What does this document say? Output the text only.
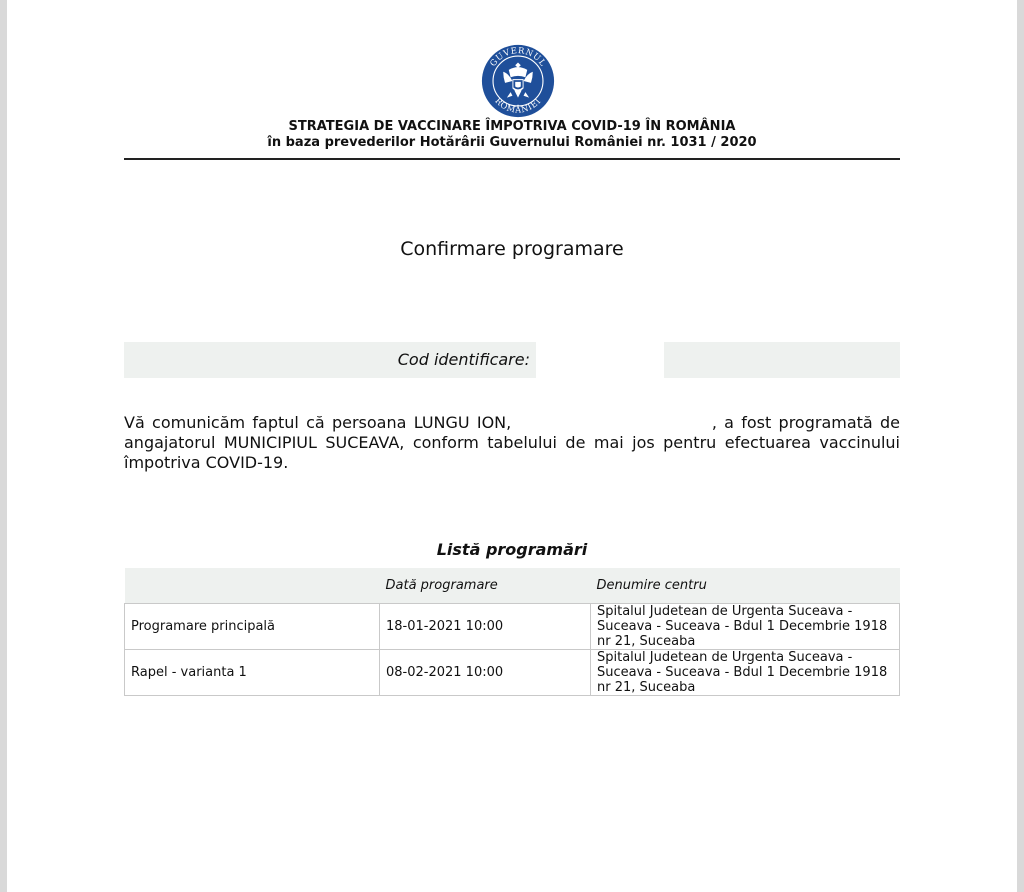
GUVERNUL
ROMÂNIEI
STRATEGIA DE VACCINARE ÎMPOTRIVA COVID-19 ÎN ROMÂNIA
în baza prevederilor Hotărârii Guvernului României nr. 1031 / 2020
Confirmare programare
Cod identificare:
Vă comunicăm faptul că persoana LUNGU ION,	, a fost programată de angajatorul MUNICIPIUL SUCEAVA, conform tabelului de mai jos pentru efectuarea vaccinului împotriva COVID-19.
Listă programări
	Dată programare	Denumire centru
Programare principală	18-01-2021 10:00	Spitalul Judetean de Urgenta Suceava - Suceava - Suceava - Bdul 1 Decembrie 1918 nr 21, Suceaba
Rapel - varianta 1	08-02-2021 10:00	Spitalul Judetean de Urgenta Suceava - Suceava - Suceava - Bdul 1 Decembrie 1918 nr 21, Suceaba
